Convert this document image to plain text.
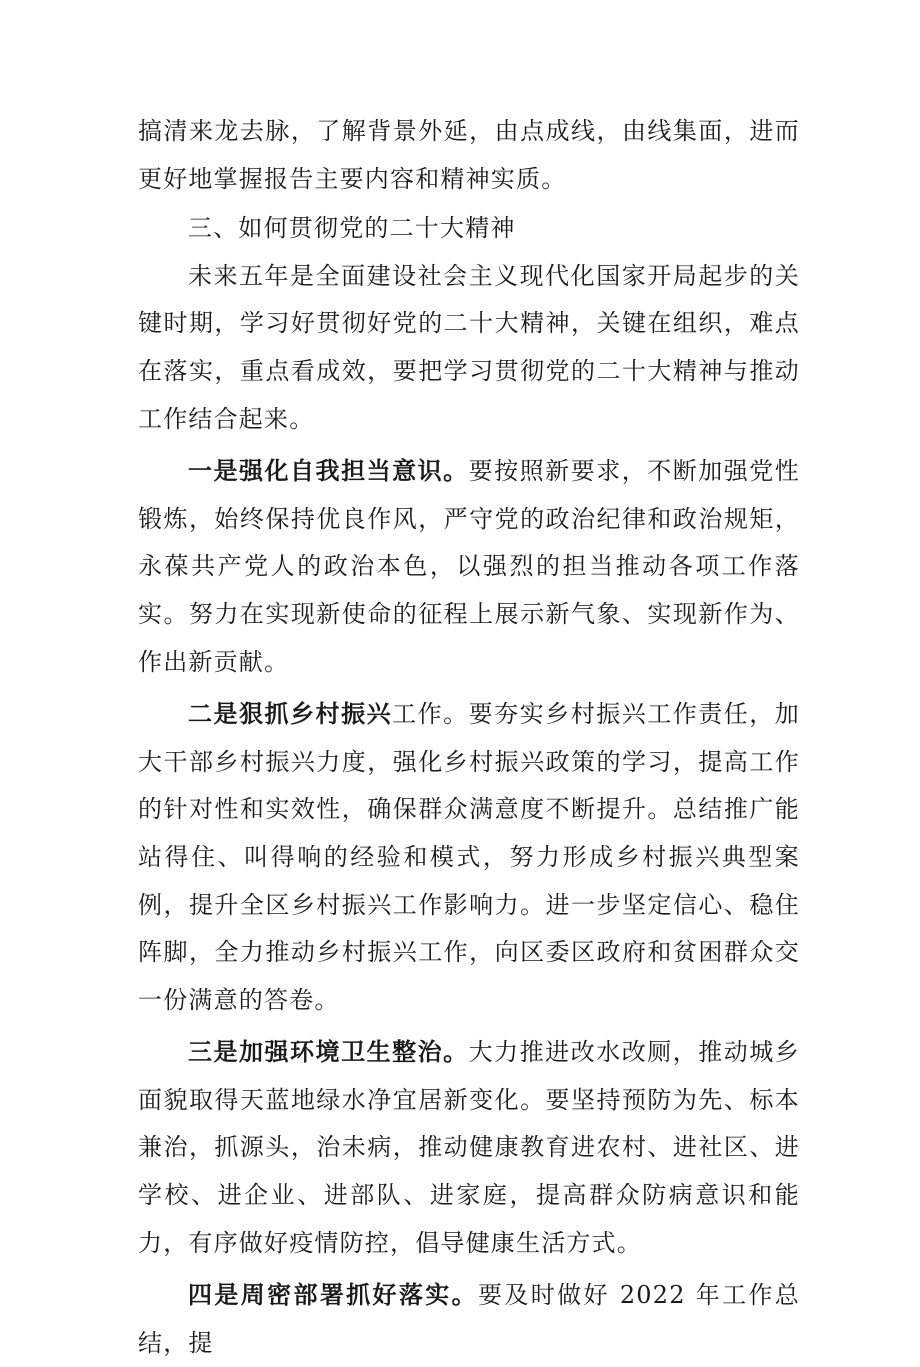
搞清来龙去脉，了解背景外延，由点成线，由线集面，进而更好地掌握报告主要内容和精神实质。

三、如何贯彻党的二十大精神

未来五年是全面建设社会主义现代化国家开局起步的关键时期，学习好贯彻好党的二十大精神，关键在组织，难点在落实，重点看成效，要把学习贯彻党的二十大精神与推动工作结合起来。

一是强化自我担当意识。要按照新要求，不断加强党性锻炼，始终保持优良作风，严守党的政治纪律和政治规矩，永葆共产党人的政治本色，以强烈的担当推动各项工作落实。努力在实现新使命的征程上展示新气象、实现新作为、作出新贡献。

二是狠抓乡村振兴工作。要夯实乡村振兴工作责任，加大干部乡村振兴力度，强化乡村振兴政策的学习，提高工作的针对性和实效性，确保群众满意度不断提升。总结推广能站得住、叫得响的经验和模式，努力形成乡村振兴典型案例，提升全区乡村振兴工作影响力。进一步坚定信心、稳住阵脚，全力推动乡村振兴工作，向区委区政府和贫困群众交一份满意的答卷。

三是加强环境卫生整治。大力推进改水改厕，推动城乡面貌取得天蓝地绿水净宜居新变化。要坚持预防为先、标本兼治，抓源头，治未病，推动健康教育进农村、进社区、进学校、进企业、进部队、进家庭，提高群众防病意识和能力，有序做好疫情防控，倡导健康生活方式。

四是周密部署抓好落实。要及时做好 2022 年工作总结，提
